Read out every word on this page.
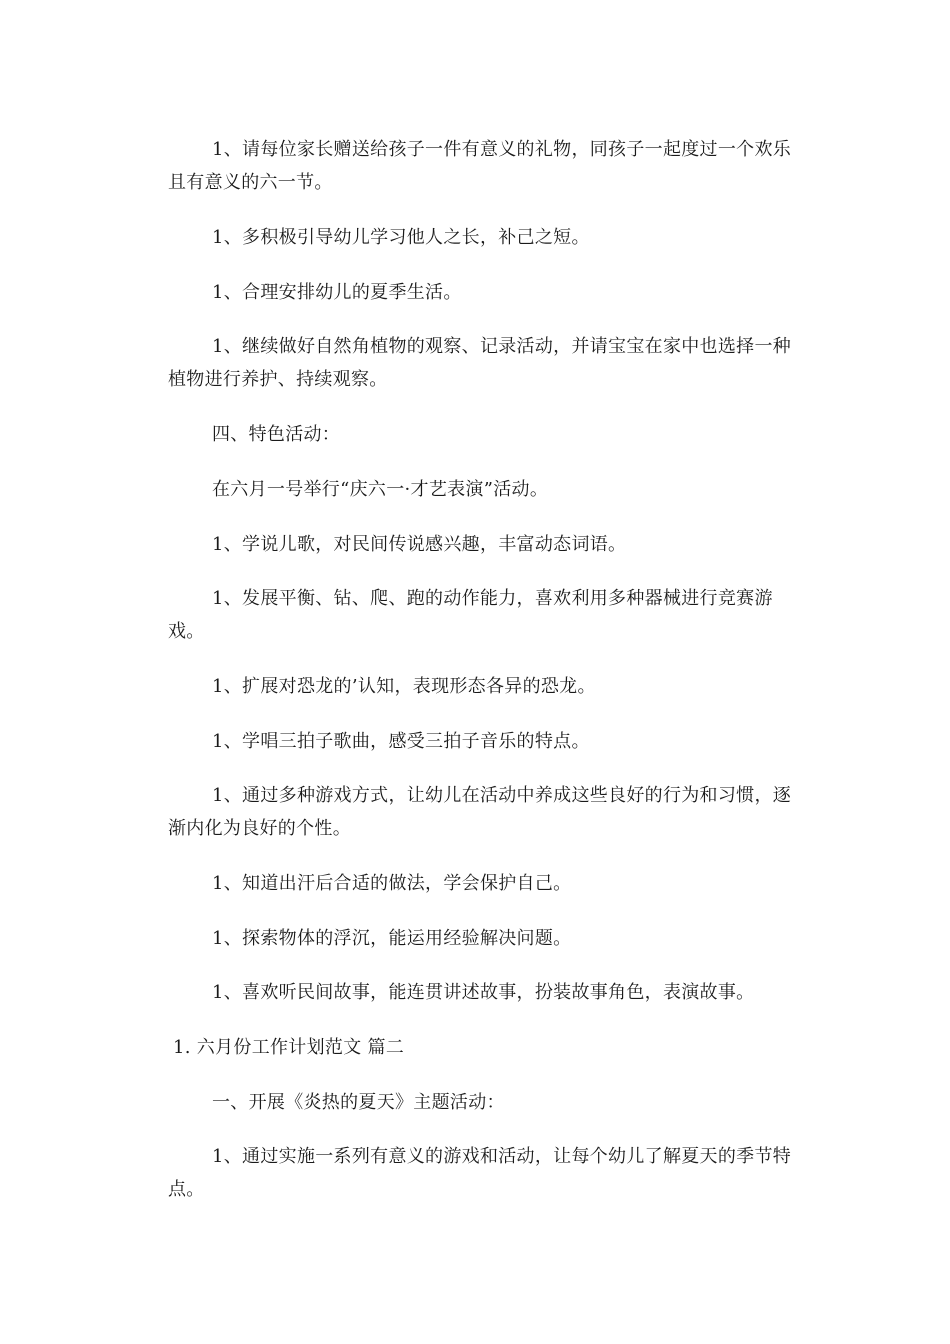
1、请每位家长赠送给孩子一件有意义的礼物，同孩子一起度过一个欢乐且有意义的六一节。

1、多积极引导幼儿学习他人之长，补己之短。

1、合理安排幼儿的夏季生活。

1、继续做好自然角植物的观察、记录活动，并请宝宝在家中也选择一种植物进行养护、持续观察。

四、特色活动：

在六月一号举行“庆六一·才艺表演”活动。

1、学说儿歌，对民间传说感兴趣，丰富动态词语。

1、发展平衡、钻、爬、跑的动作能力，喜欢利用多种器械进行竞赛游戏。

1、扩展对恐龙的’认知，表现形态各异的恐龙。

1、学唱三拍子歌曲，感受三拍子音乐的特点。

1、通过多种游戏方式，让幼儿在活动中养成这些良好的行为和习惯，逐渐内化为良好的个性。

1、知道出汗后合适的做法，学会保护自己。

1、探索物体的浮沉，能运用经验解决问题。

1、喜欢听民间故事，能连贯讲述故事，扮装故事角色，表演故事。

1. 六月份工作计划范文 篇二

一、开展《炎热的夏天》主题活动：

1、通过实施一系列有意义的游戏和活动，让每个幼儿了解夏天的季节特点。
